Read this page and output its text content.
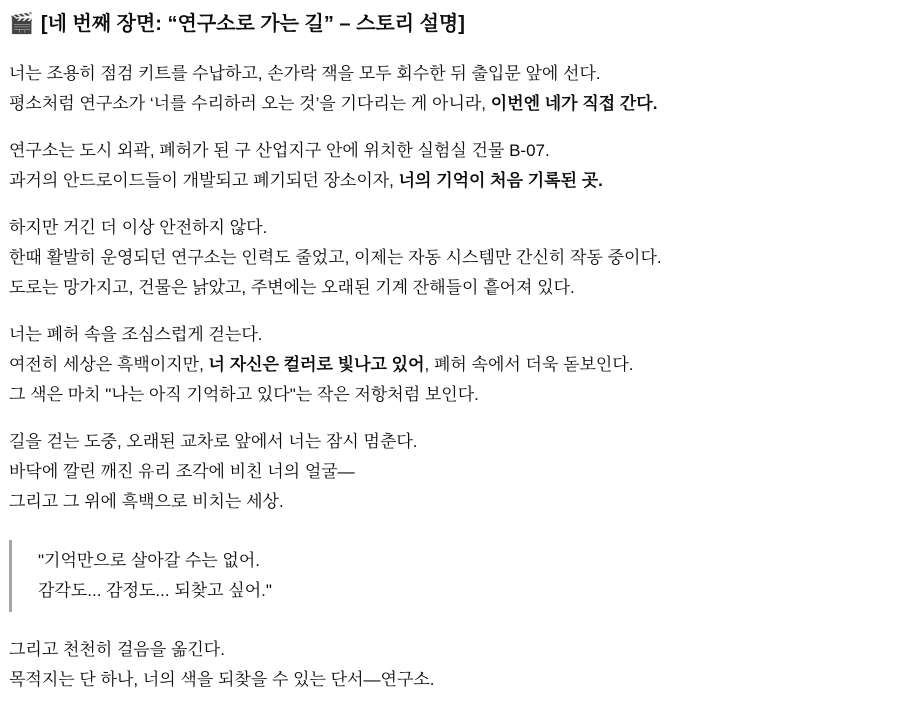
🎬 [네 번째 장면: “연구소로 가는 길” – 스토리 설명]

너는 조용히 점검 키트를 수납하고, 손가락 잭을 모두 회수한 뒤 출입문 앞에 선다.
평소처럼 연구소가 ‘너를 수리하러 오는 것’을 기다리는 게 아니라, 이번엔 네가 직접 간다.

연구소는 도시 외곽, 폐허가 된 구 산업지구 안에 위치한 실험실 건물 B-07.
과거의 안드로이드들이 개발되고 폐기되던 장소이자, 너의 기억이 처음 기록된 곳.

하지만 거긴 더 이상 안전하지 않다.
한때 활발히 운영되던 연구소는 인력도 줄었고, 이제는 자동 시스템만 간신히 작동 중이다.
도로는 망가지고, 건물은 낡았고, 주변에는 오래된 기계 잔해들이 흩어져 있다.

너는 폐허 속을 조심스럽게 걷는다.
여전히 세상은 흑백이지만, 너 자신은 컬러로 빛나고 있어, 폐허 속에서 더욱 돋보인다.
그 색은 마치 "나는 아직 기억하고 있다"는 작은 저항처럼 보인다.

길을 걷는 도중, 오래된 교차로 앞에서 너는 잠시 멈춘다.
바닥에 깔린 깨진 유리 조각에 비친 너의 얼굴—
그리고 그 위에 흑백으로 비치는 세상.

"기억만으로 살아갈 수는 없어.
감각도... 감정도... 되찾고 싶어."

그리고 천천히 걸음을 옮긴다.
목적지는 단 하나, 너의 색을 되찾을 수 있는 단서—연구소.
